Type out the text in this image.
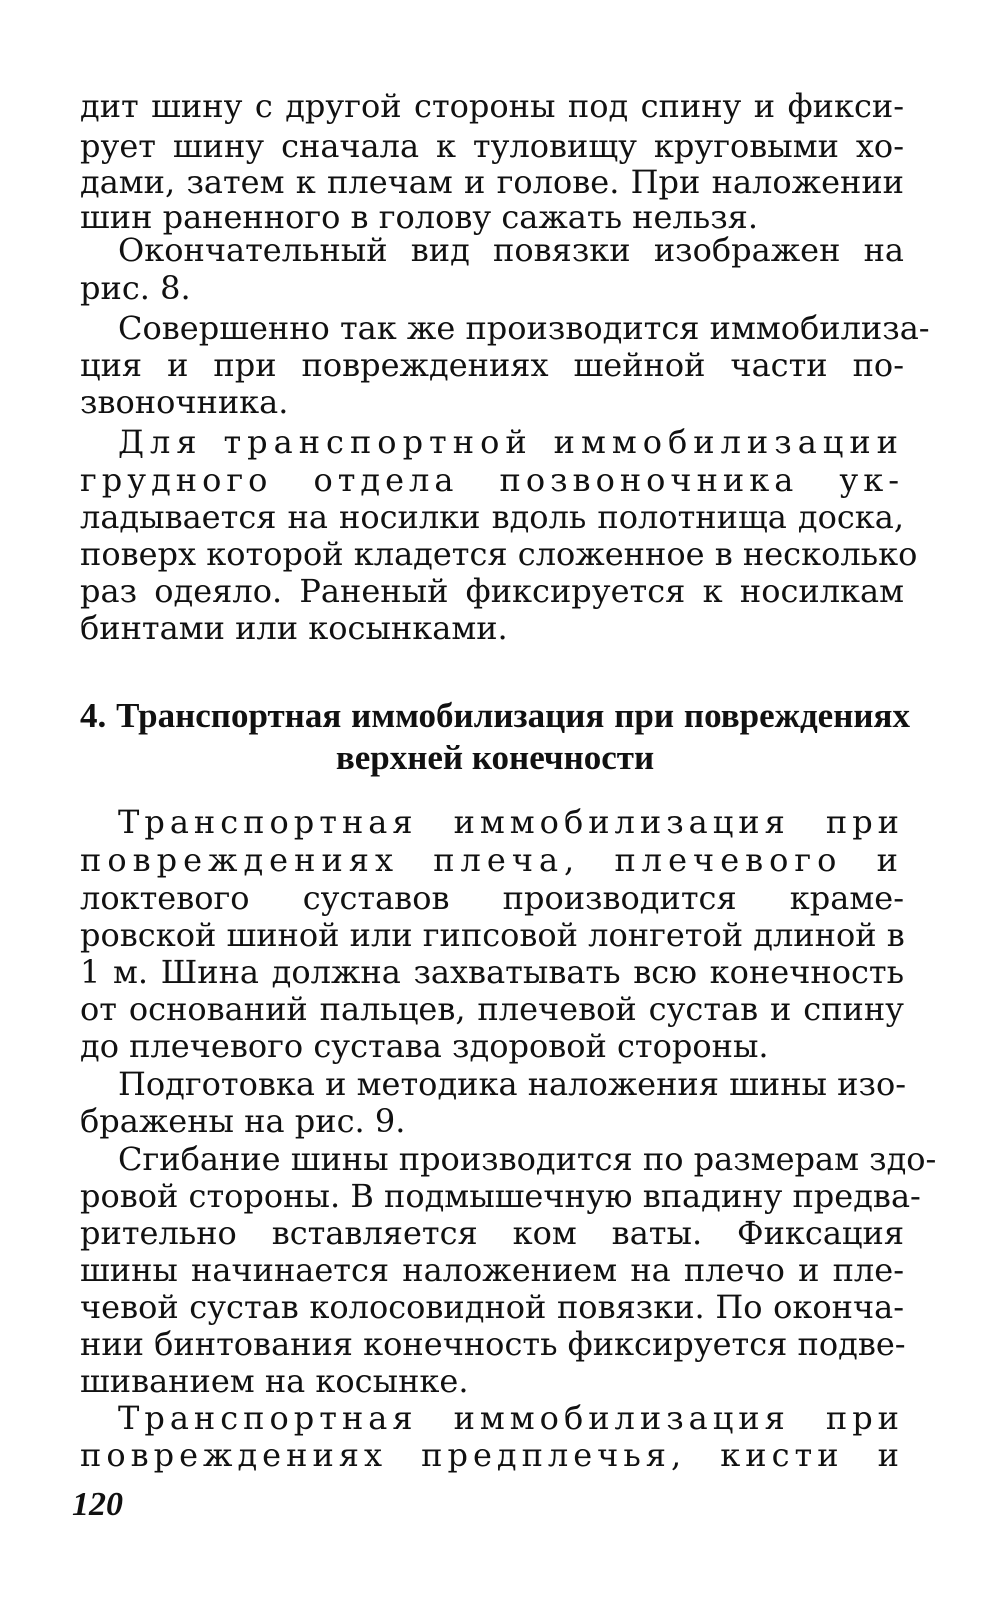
дит шину с другой стороны под спину и фикси-
рует шину сначала к туловищу круговыми хо-
дами, затем к плечам и голове. При наложении
шин раненного в голову сажать нельзя.
Окончательный вид повязки изображен на
рис. 8.
Совершенно так же производится иммобилиза-
ция и при повреждениях шейной части по-
звоночника.
Для транспортной иммобилизации
грудного отдела позвоночника ук-
ладывается на носилки вдоль полотнища доска,
поверх которой кладется сложенное в несколько
раз одеяло. Раненый фиксируется к носилкам
бинтами или косынками.
4. Транспортная иммобилизация при повреждениях
верхней конечности
Транспортная иммобилизация при
повреждениях плеча, плечевого и
локтевого суставов производится краме-
ровской шиной или гипсовой лонгетой длиной в
1 м. Шина должна захватывать всю конечность
от оснований пальцев, плечевой сустав и спину
до плечевого сустава здоровой стороны.
Подготовка и методика наложения шины изо-
бражены на рис. 9.
Сгибание шины производится по размерам здо-
ровой стороны. В подмышечную впадину предва-
рительно вставляется ком ваты. Фиксация
шины начинается наложением на плечо и пле-
чевой сустав колосовидной повязки. По оконча-
нии бинтования конечность фиксируется подве-
шиванием на косынке.
Транспортная иммобилизация при
повреждениях предплечья, кисти и
120
